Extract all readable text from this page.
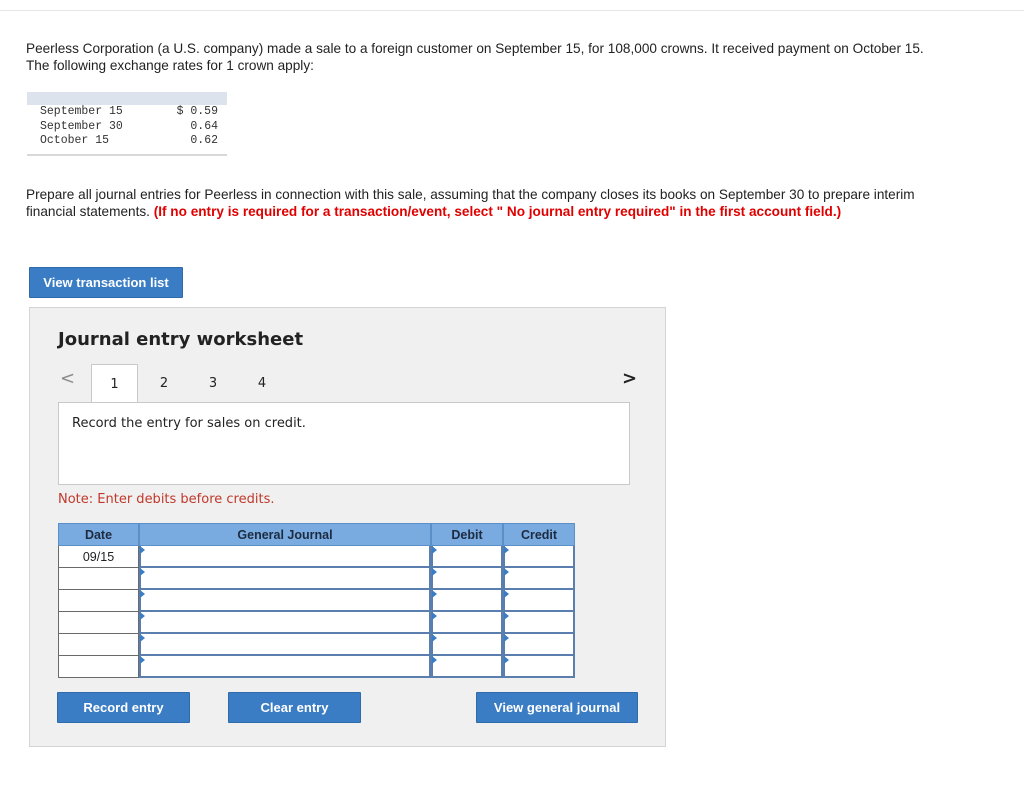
Peerless Corporation (a U.S. company) made a sale to a foreign customer on September 15, for 108,000 crowns. It received payment on October 15. The following exchange rates for 1 crown apply:
September 15	$ 0.59
September 30	0.64
October 15	0.62
Prepare all journal entries for Peerless in connection with this sale, assuming that the company closes its books on September 30 to prepare interim financial statements. (If no entry is required for a transaction/event, select " No journal entry required" in the first account field.)
View transaction list
Journal entry worksheet
<	1	2	3	4	>
Record the entry for sales on credit.
Note: Enter debits before credits.
Date	General Journal	Debit	Credit
09/15
Record entry	Clear entry	View general journal
